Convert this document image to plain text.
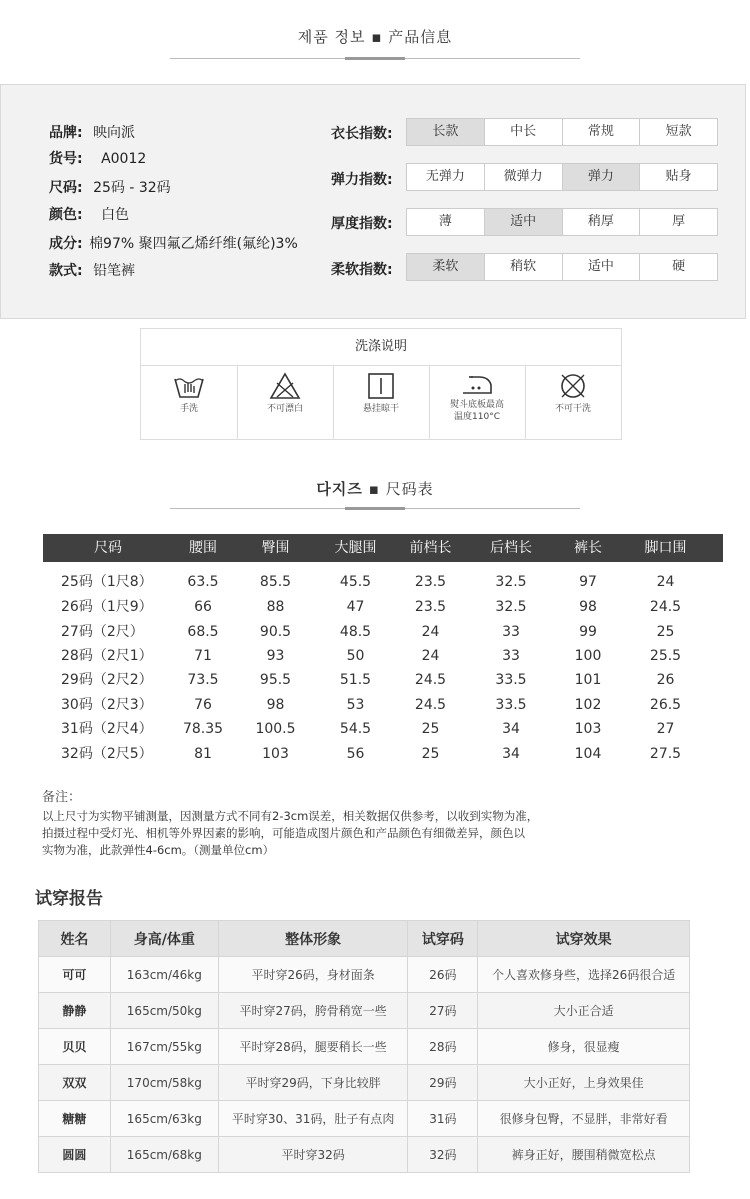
제품 정보 ▪ 产品信息
品牌: 映向派
货号: A0012
尺码: 25码 - 32码
颜色: 白色
成分: 棉97% 聚四氟乙烯纤维(氟纶)3%
款式: 铅笔裤
衣长指数:	长款	中长	常规	短款
弹力指数:	无弹力	微弹力	弹力	贴身
厚度指数:	薄	适中	稍厚	厚
柔软指数:	柔软	稍软	适中	硬
洗涤说明
手洗	不可漂白	悬挂晾干	熨斗底板最高
温度110°C
不可干洗
다지즈 ▪ 尺码表
尺码	腰围	臀围	大腿围	前档长	后档长	裤长	脚口围
25码（1尺8）	63.5	85.5	45.5	23.5	32.5	97	24
26码（1尺9）	66	88	47	23.5	32.5	98	24.5
27码（2尺）	68.5	90.5	48.5	24	33	99	25
28码（2尺1）	71	93	50	24	33	100	25.5
29码（2尺2）	73.5	95.5	51.5	24.5	33.5	101	26
30码（2尺3）	76	98	53	24.5	33.5	102	26.5
31码（2尺4）	78.35	100.5	54.5	25	34	103	27
32码（2尺5）	81	103	56	25	34	104	27.5
备注：
以上尺寸为实物平铺测量，因测量方式不同有2-3cm误差，相关数据仅供参考，以收到实物为准，
拍摄过程中受灯光、相机等外界因素的影响，可能造成图片颜色和产品颜色有细微差异，颜色以
实物为准，此款弹性4-6cm。（测量单位cm）
试穿报告
姓名	身高/体重	整体形象	试穿码	试穿效果
可可	163cm/46kg	平时穿26码，身材面条	26码	个人喜欢修身些，选择26码很合适
静静	165cm/50kg	平时穿27码，胯骨稍宽一些	27码	大小正合适
贝贝	167cm/55kg	平时穿28码，腿要稍长一些	28码	修身，很显瘦
双双	170cm/58kg	平时穿29码，下身比较胖	29码	大小正好，上身效果佳
糖糖	165cm/63kg	平时穿30、31码，肚子有点肉	31码	很修身包臀，不显胖，非常好看
圆圆	165cm/68kg	平时穿32码	32码	裤身正好，腰围稍微宽松点
